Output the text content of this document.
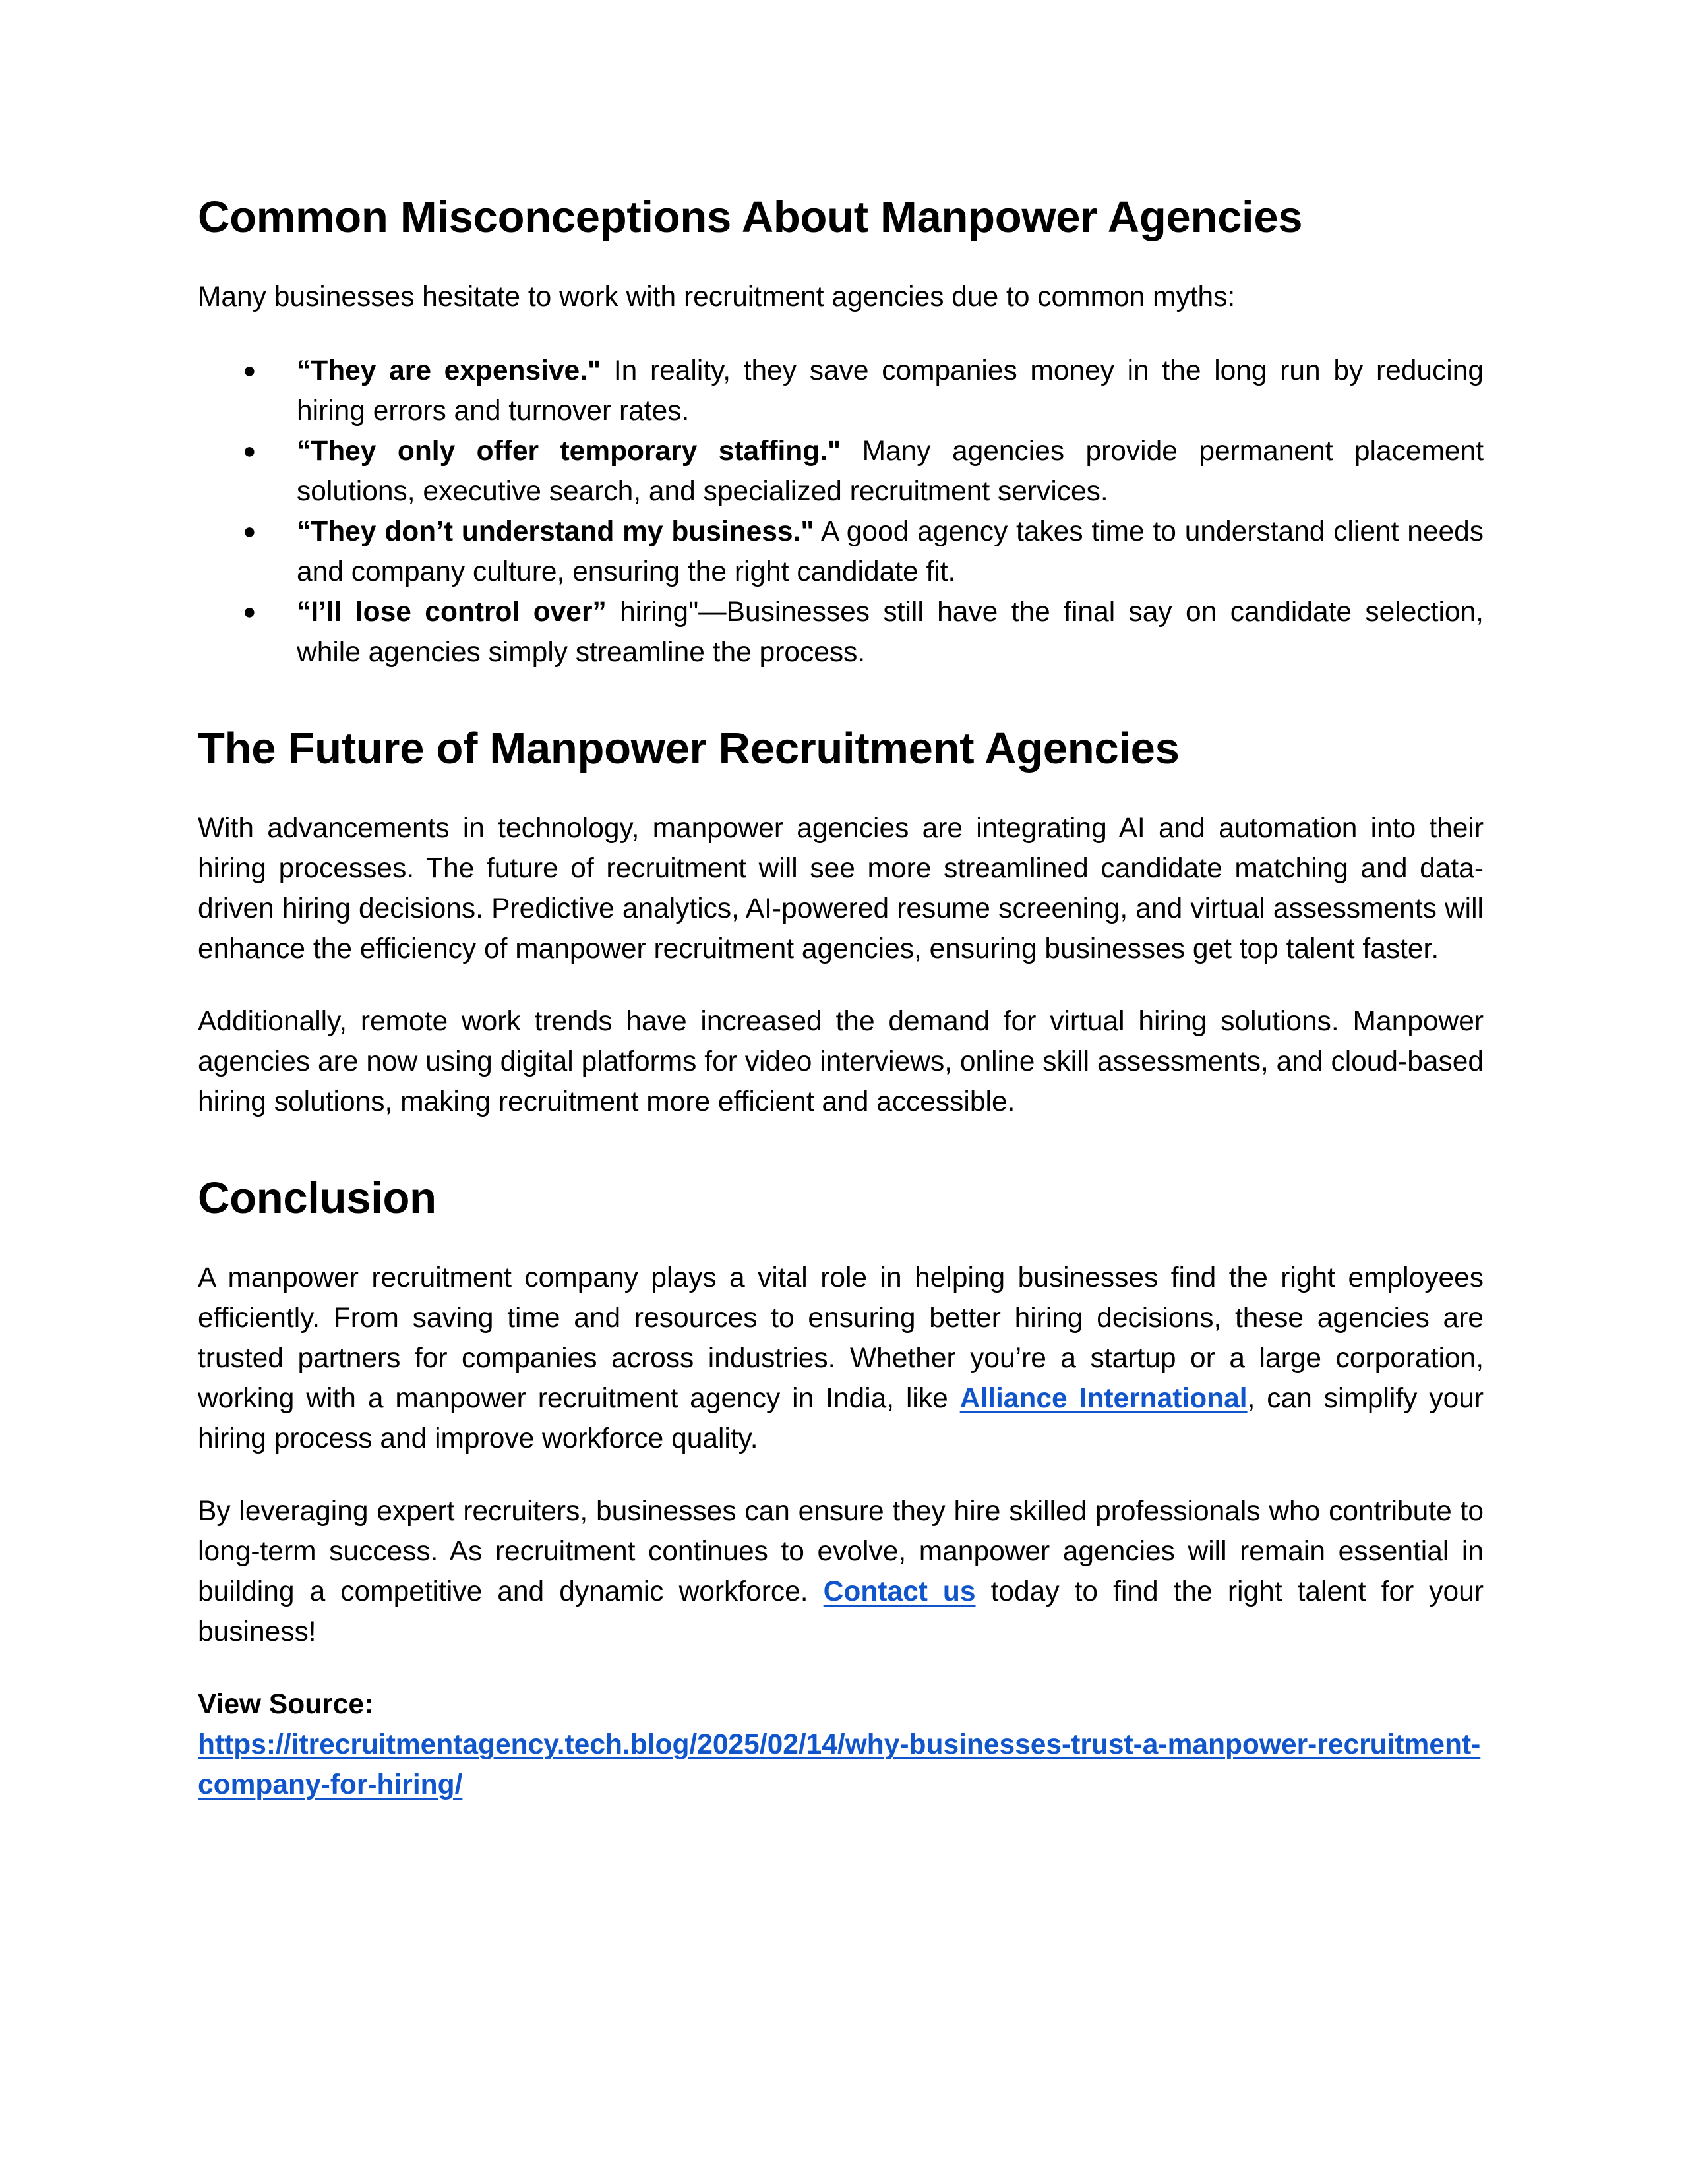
Common Misconceptions About Manpower Agencies

Many businesses hesitate to work with recruitment agencies due to common myths:

● “They are expensive." In reality, they save companies money in the long run by reducing hiring errors and turnover rates.
● “They only offer temporary staffing." Many agencies provide permanent placement solutions, executive search, and specialized recruitment services.
● “They don’t understand my business." A good agency takes time to understand client needs and company culture, ensuring the right candidate fit.
● “I’ll lose control over” hiring"—Businesses still have the final say on candidate selection, while agencies simply streamline the process.
The Future of Manpower Recruitment Agencies

With advancements in technology, manpower agencies are integrating AI and automation into their hiring processes. The future of recruitment will see more streamlined candidate matching and data-driven hiring decisions. Predictive analytics, AI-powered resume screening, and virtual assessments will enhance the efficiency of manpower recruitment agencies, ensuring businesses get top talent faster.

Additionally, remote work trends have increased the demand for virtual hiring solutions. Manpower agencies are now using digital platforms for video interviews, online skill assessments, and cloud-based hiring solutions, making recruitment more efficient and accessible.

Conclusion

A manpower recruitment company plays a vital role in helping businesses find the right employees efficiently. From saving time and resources to ensuring better hiring decisions, these agencies are trusted partners for companies across industries. Whether you’re a startup or a large corporation, working with a manpower recruitment agency in India, like Alliance International, can simplify your hiring process and improve workforce quality.

By leveraging expert recruiters, businesses can ensure they hire skilled professionals who contribute to long-term success. As recruitment continues to evolve, manpower agencies will remain essential in building a competitive and dynamic workforce. Contact us today to find the right talent for your business!

View Source:

https://itrecruitmentagency.tech.blog/2025/02/14/why-businesses-trust-a-manpower-recruitment-company-for-hiring/
